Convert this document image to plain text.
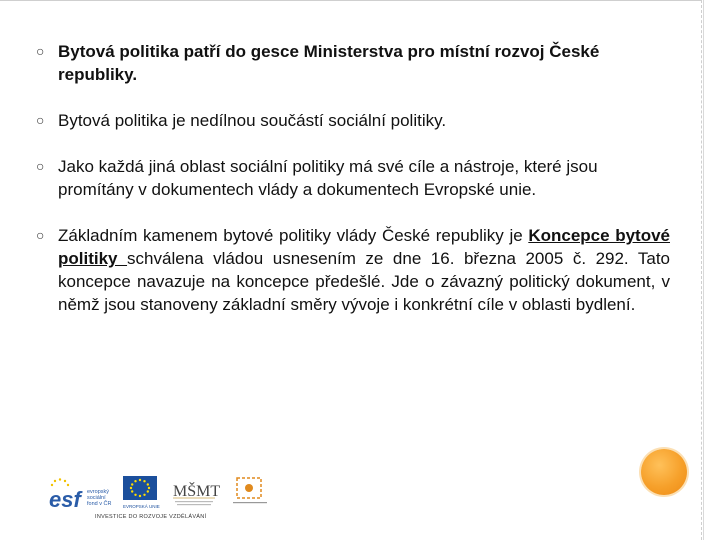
○ Bytová politika patří do gesce Ministerstva pro místní rozvoj České republiky.
○ Bytová politika je nedílnou součástí sociální politiky.
○ Jako každá jiná oblast sociální politiky má své cíle a nástroje, které jsou promítány v dokumentech vlády a dokumentech Evropské unie.
○ Základním kamenem bytové politiky vlády České republiky je Koncepce bytové politiky schválena vládou usnesením ze dne 16. března 2005 č. 292. Tato koncepce navazuje na koncepce předešlé. Jde o závazný politický dokument, v němž jsou stanoveny základní směry vývoje i konkrétní cíle v oblasti bydlení.
esf	evropský
sociální
fond v ČR	EVROPSKÁ UNIE
MŠMT
INVESTICE DO ROZVOJE VZDĚLÁVÁNÍ
